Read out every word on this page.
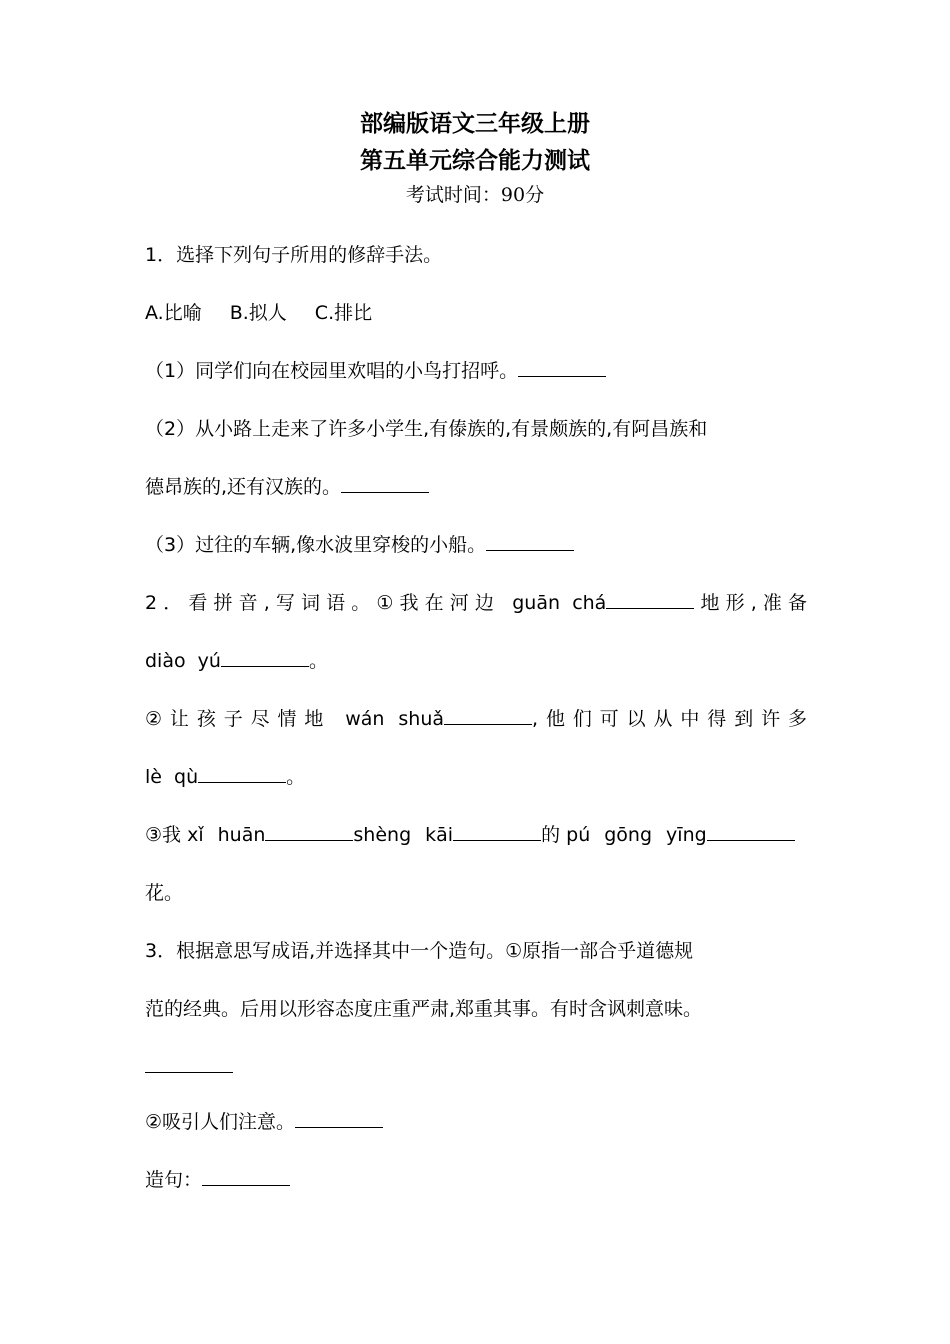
部编版语文三年级上册
第五单元综合能力测试
考试时间：90分
1．选择下列句子所用的修辞手法。
A.比喻 B.拟人 C.排比
（1）同学们向在校园里欢唱的小鸟打招呼。
（2）从小路上走来了许多小学生,有傣族的,有景颇族的,有阿昌族和
德昂族的,还有汉族的。
（3）过往的车辆,像水波里穿梭的小船。
2．看拼音,写词语。①我在河边 guān chá	地形,准备
diào  yú	。
②让孩子尽情地 wán shuǎ	,他们可以从中得到许多
lè  qù	。
③我 xǐ huān	shèng kāi	的 pú gōng yīng
花。
3．根据意思写成语,并选择其中一个造句。①原指一部合乎道德规
范的经典。后用以形容态度庄重严肃,郑重其事。有时含讽刺意味。
②吸引人们注意。
造句：
